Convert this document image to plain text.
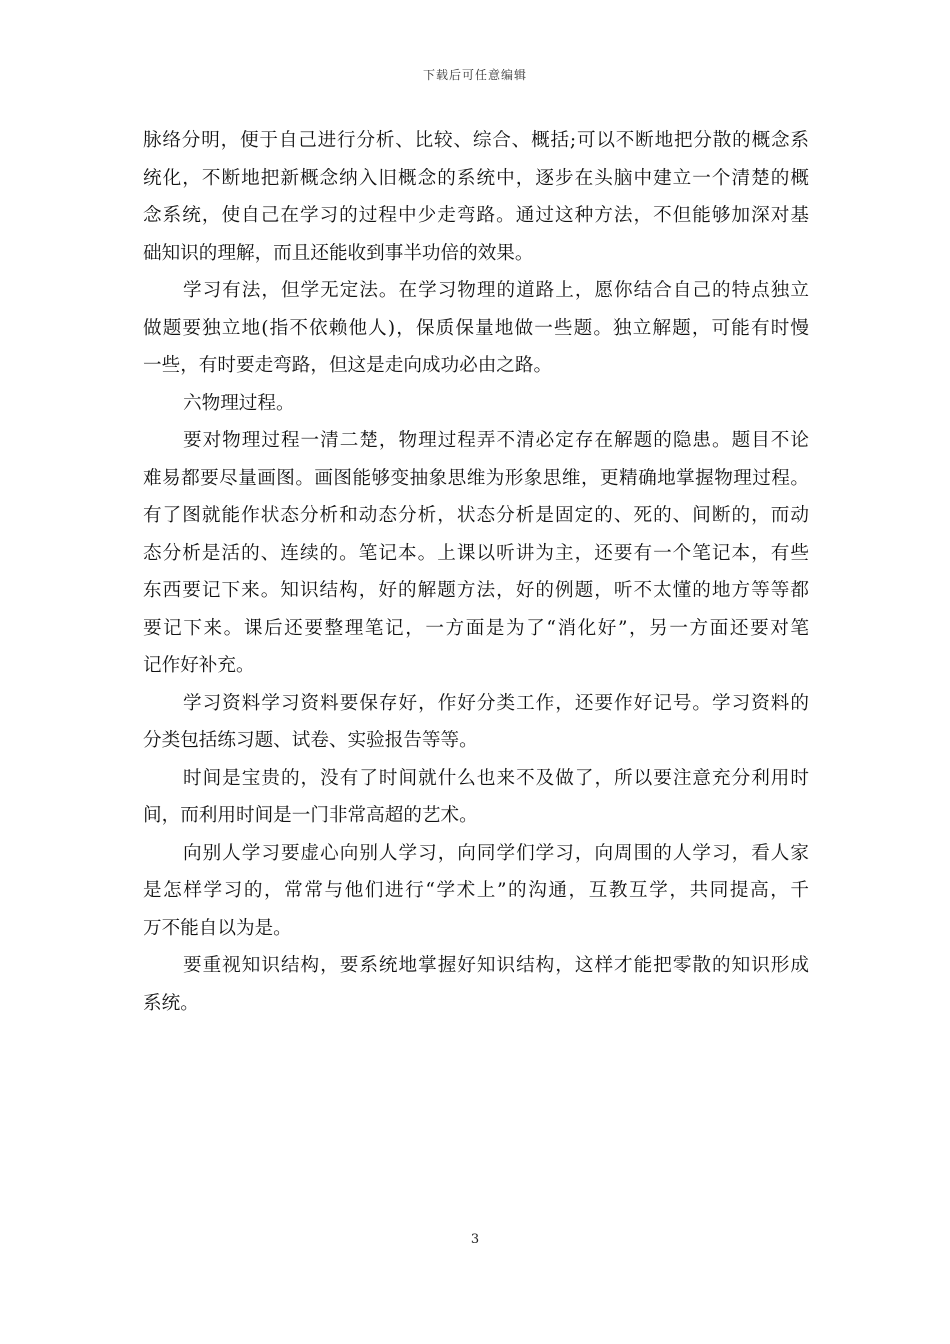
下载后可任意编辑
脉络分明，便于自己进行分析、比较、综合、概括;可以不断地把分散的概念系
统化，不断地把新概念纳入旧概念的系统中，逐步在头脑中建立一个清楚的概
念系统，使自己在学习的过程中少走弯路。通过这种方法，不但能够加深对基
础知识的理解，而且还能收到事半功倍的效果。
学习有法，但学无定法。在学习物理的道路上，愿你结合自己的特点独立
做题要独立地(指不依赖他人)，保质保量地做一些题。独立解题，可能有时慢
一些，有时要走弯路，但这是走向成功必由之路。
六物理过程。
要对物理过程一清二楚，物理过程弄不清必定存在解题的隐患。题目不论
难易都要尽量画图。画图能够变抽象思维为形象思维，更精确地掌握物理过程。
有了图就能作状态分析和动态分析，状态分析是固定的、死的、间断的，而动
态分析是活的、连续的。笔记本。上课以听讲为主，还要有一个笔记本，有些
东西要记下来。知识结构，好的解题方法，好的例题，听不太懂的地方等等都
要记下来。课后还要整理笔记，一方面是为了“消化好”，另一方面还要对笔
记作好补充。
学习资料学习资料要保存好，作好分类工作，还要作好记号。学习资料的
分类包括练习题、试卷、实验报告等等。
时间是宝贵的，没有了时间就什么也来不及做了，所以要注意充分利用时
间，而利用时间是一门非常高超的艺术。
向别人学习要虚心向别人学习，向同学们学习，向周围的人学习，看人家
是怎样学习的，常常与他们进行“学术上”的沟通，互教互学，共同提高，千
万不能自以为是。
要重视知识结构，要系统地掌握好知识结构，这样才能把零散的知识形成
系统。
3
